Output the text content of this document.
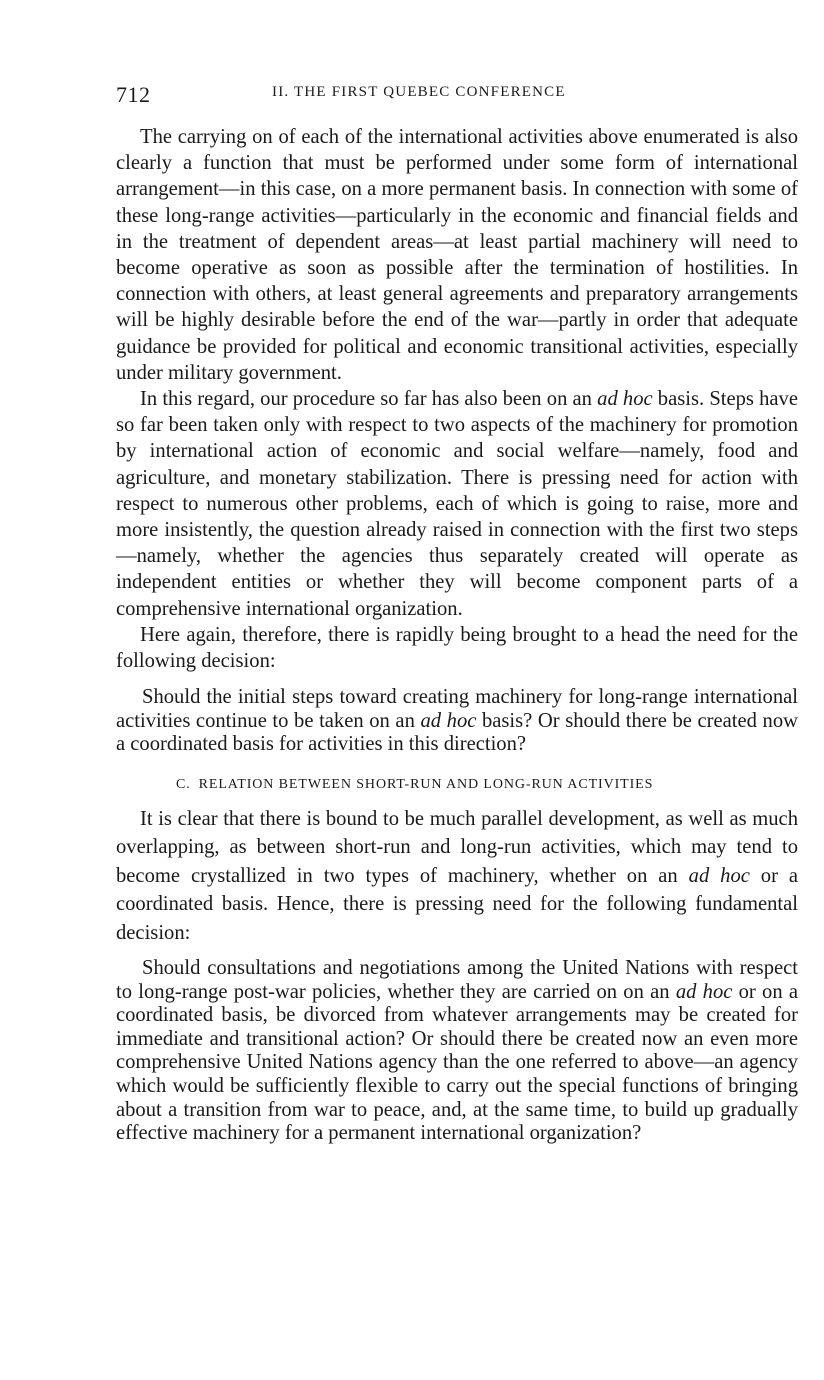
712	II. THE FIRST QUEBEC CONFERENCE

The carrying on of each of the international activities above enumerated is also clearly a function that must be performed under some form of international arrangement—in this case, on a more permanent basis. In connection with some of these long-range activities—particularly in the economic and financial fields and in the treatment of dependent areas—at least partial machinery will need to become operative as soon as possible after the termination of hostilities. In connection with others, at least general agreements and preparatory arrangements will be highly desirable before the end of the war—partly in order that adequate guidance be provided for political and economic transitional activities, especially under military government.

In this regard, our procedure so far has also been on an ad hoc basis. Steps have so far been taken only with respect to two aspects of the machinery for promotion by international action of economic and social welfare—namely, food and agriculture, and monetary stabilization. There is pressing need for action with respect to numerous other problems, each of which is going to raise, more and more insistently, the question already raised in connection with the first two steps—namely, whether the agencies thus separately created will operate as independent entities or whether they will become component parts of a comprehensive international organization.

Here again, therefore, there is rapidly being brought to a head the need for the following decision:

Should the initial steps toward creating machinery for long-range international activities continue to be taken on an ad hoc basis? Or should there be created now a coordinated basis for activities in this direction?

C. RELATION BETWEEN SHORT-RUN AND LONG-RUN ACTIVITIES

It is clear that there is bound to be much parallel development, as well as much overlapping, as between short-run and long-run activities, which may tend to become crystallized in two types of machinery, whether on an ad hoc or a coordinated basis. Hence, there is pressing need for the following fundamental decision:

Should consultations and negotiations among the United Nations with respect to long-range post-war policies, whether they are carried on on an ad hoc or on a coordinated basis, be divorced from whatever arrangements may be created for immediate and transitional action? Or should there be created now an even more comprehensive United Nations agency than the one referred to above—an agency which would be sufficiently flexible to carry out the special functions of bringing about a transition from war to peace, and, at the same time, to build up gradually effective machinery for a permanent international organization?
